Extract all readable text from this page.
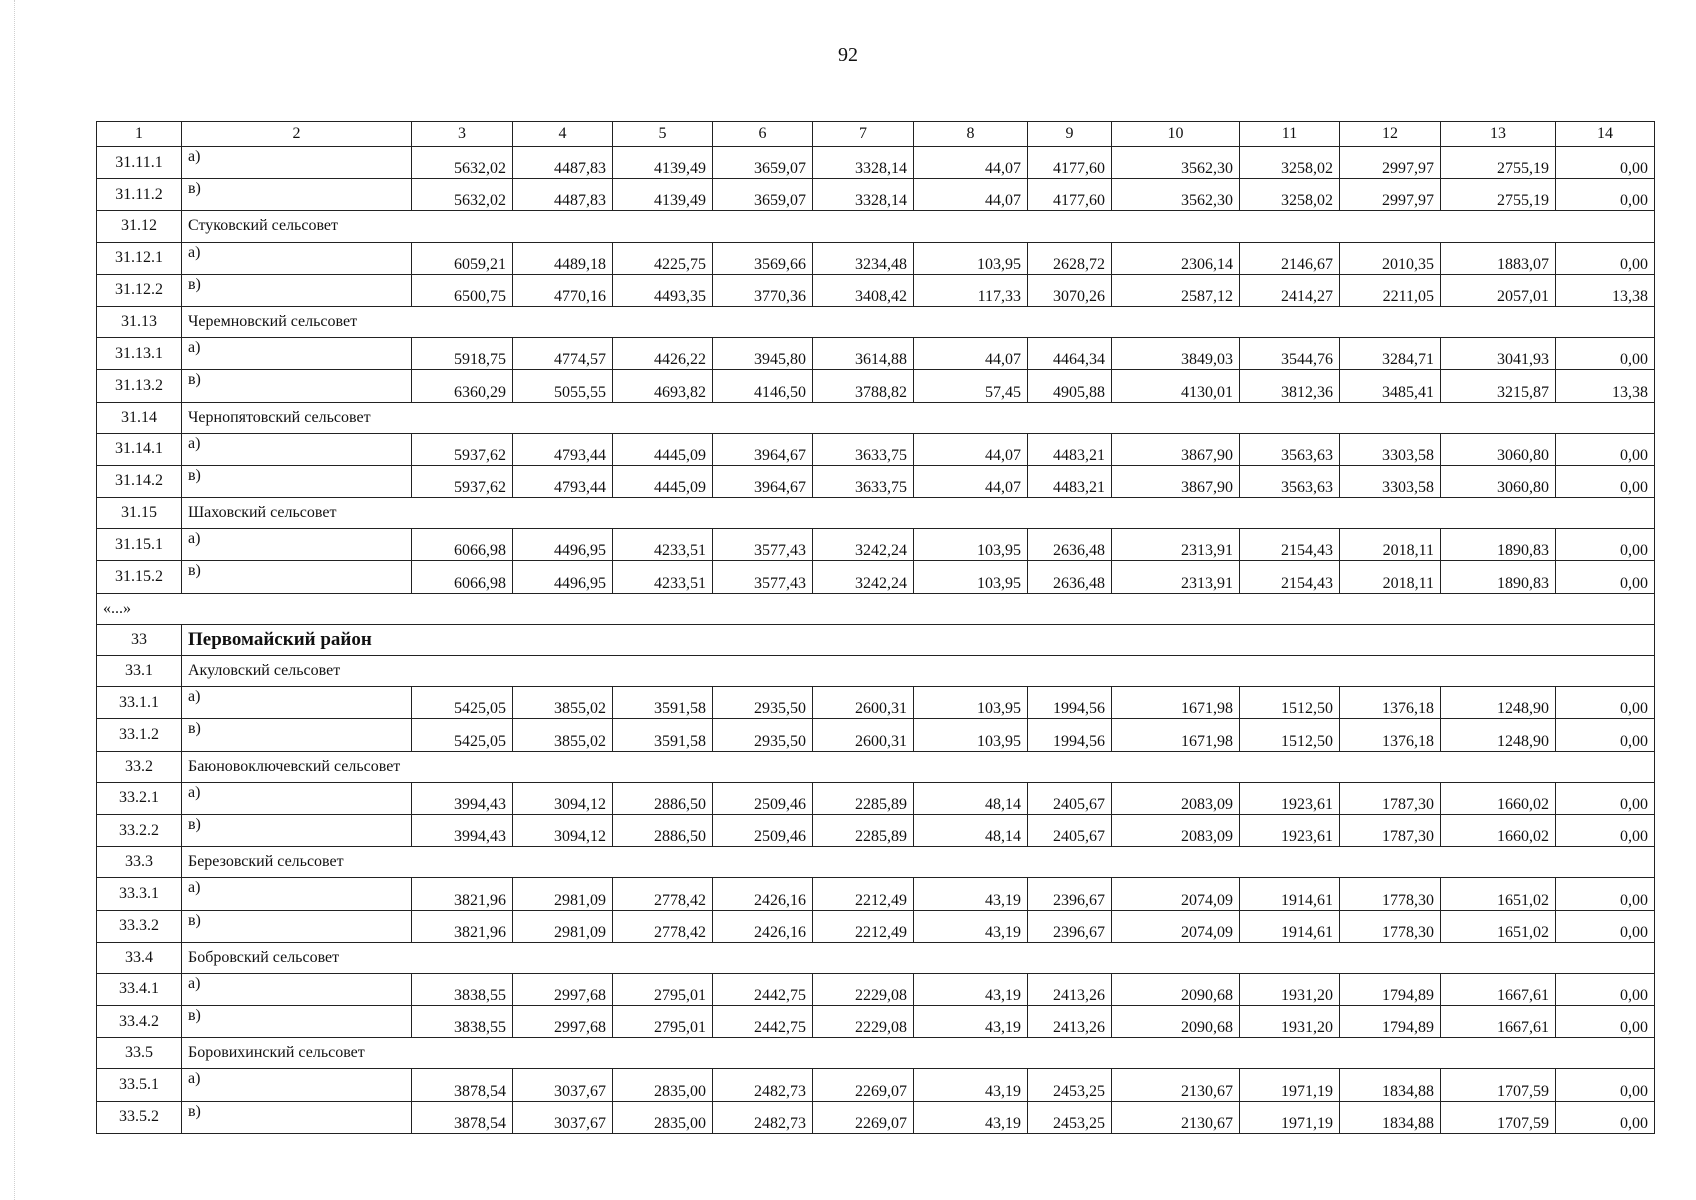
92
1	2	3	4	5	6	7	8	9	10	11	12	13	14
31.11.1	а)	5632,02	4487,83	4139,49	3659,07	3328,14	44,07	4177,60	3562,30	3258,02	2997,97	2755,19	0,00
31.11.2	в)	5632,02	4487,83	4139,49	3659,07	3328,14	44,07	4177,60	3562,30	3258,02	2997,97	2755,19	0,00
31.12	Стуковский сельсовет												
31.12.1	а)	6059,21	4489,18	4225,75	3569,66	3234,48	103,95	2628,72	2306,14	2146,67	2010,35	1883,07	0,00
31.12.2	в)	6500,75	4770,16	4493,35	3770,36	3408,42	117,33	3070,26	2587,12	2414,27	2211,05	2057,01	13,38
31.13	Черемновский сельсовет												
31.13.1	а)	5918,75	4774,57	4426,22	3945,80	3614,88	44,07	4464,34	3849,03	3544,76	3284,71	3041,93	0,00
31.13.2	в)	6360,29	5055,55	4693,82	4146,50	3788,82	57,45	4905,88	4130,01	3812,36	3485,41	3215,87	13,38
31.14	Чернопятовский сельсовет												
31.14.1	а)	5937,62	4793,44	4445,09	3964,67	3633,75	44,07	4483,21	3867,90	3563,63	3303,58	3060,80	0,00
31.14.2	в)	5937,62	4793,44	4445,09	3964,67	3633,75	44,07	4483,21	3867,90	3563,63	3303,58	3060,80	0,00
31.15	Шаховский сельсовет												
31.15.1	а)	6066,98	4496,95	4233,51	3577,43	3242,24	103,95	2636,48	2313,91	2154,43	2018,11	1890,83	0,00
31.15.2	в)	6066,98	4496,95	4233,51	3577,43	3242,24	103,95	2636,48	2313,91	2154,43	2018,11	1890,83	0,00
«...»													
33	Первомайский район												
33.1	Акуловский сельсовет												
33.1.1	а)	5425,05	3855,02	3591,58	2935,50	2600,31	103,95	1994,56	1671,98	1512,50	1376,18	1248,90	0,00
33.1.2	в)	5425,05	3855,02	3591,58	2935,50	2600,31	103,95	1994,56	1671,98	1512,50	1376,18	1248,90	0,00
33.2	Баюновоключевский сельсовет												
33.2.1	а)	3994,43	3094,12	2886,50	2509,46	2285,89	48,14	2405,67	2083,09	1923,61	1787,30	1660,02	0,00
33.2.2	в)	3994,43	3094,12	2886,50	2509,46	2285,89	48,14	2405,67	2083,09	1923,61	1787,30	1660,02	0,00
33.3	Березовский сельсовет												
33.3.1	а)	3821,96	2981,09	2778,42	2426,16	2212,49	43,19	2396,67	2074,09	1914,61	1778,30	1651,02	0,00
33.3.2	в)	3821,96	2981,09	2778,42	2426,16	2212,49	43,19	2396,67	2074,09	1914,61	1778,30	1651,02	0,00
33.4	Бобровский сельсовет												
33.4.1	а)	3838,55	2997,68	2795,01	2442,75	2229,08	43,19	2413,26	2090,68	1931,20	1794,89	1667,61	0,00
33.4.2	в)	3838,55	2997,68	2795,01	2442,75	2229,08	43,19	2413,26	2090,68	1931,20	1794,89	1667,61	0,00
33.5	Боровихинский сельсовет												
33.5.1	а)	3878,54	3037,67	2835,00	2482,73	2269,07	43,19	2453,25	2130,67	1971,19	1834,88	1707,59	0,00
33.5.2	в)	3878,54	3037,67	2835,00	2482,73	2269,07	43,19	2453,25	2130,67	1971,19	1834,88	1707,59	0,00
